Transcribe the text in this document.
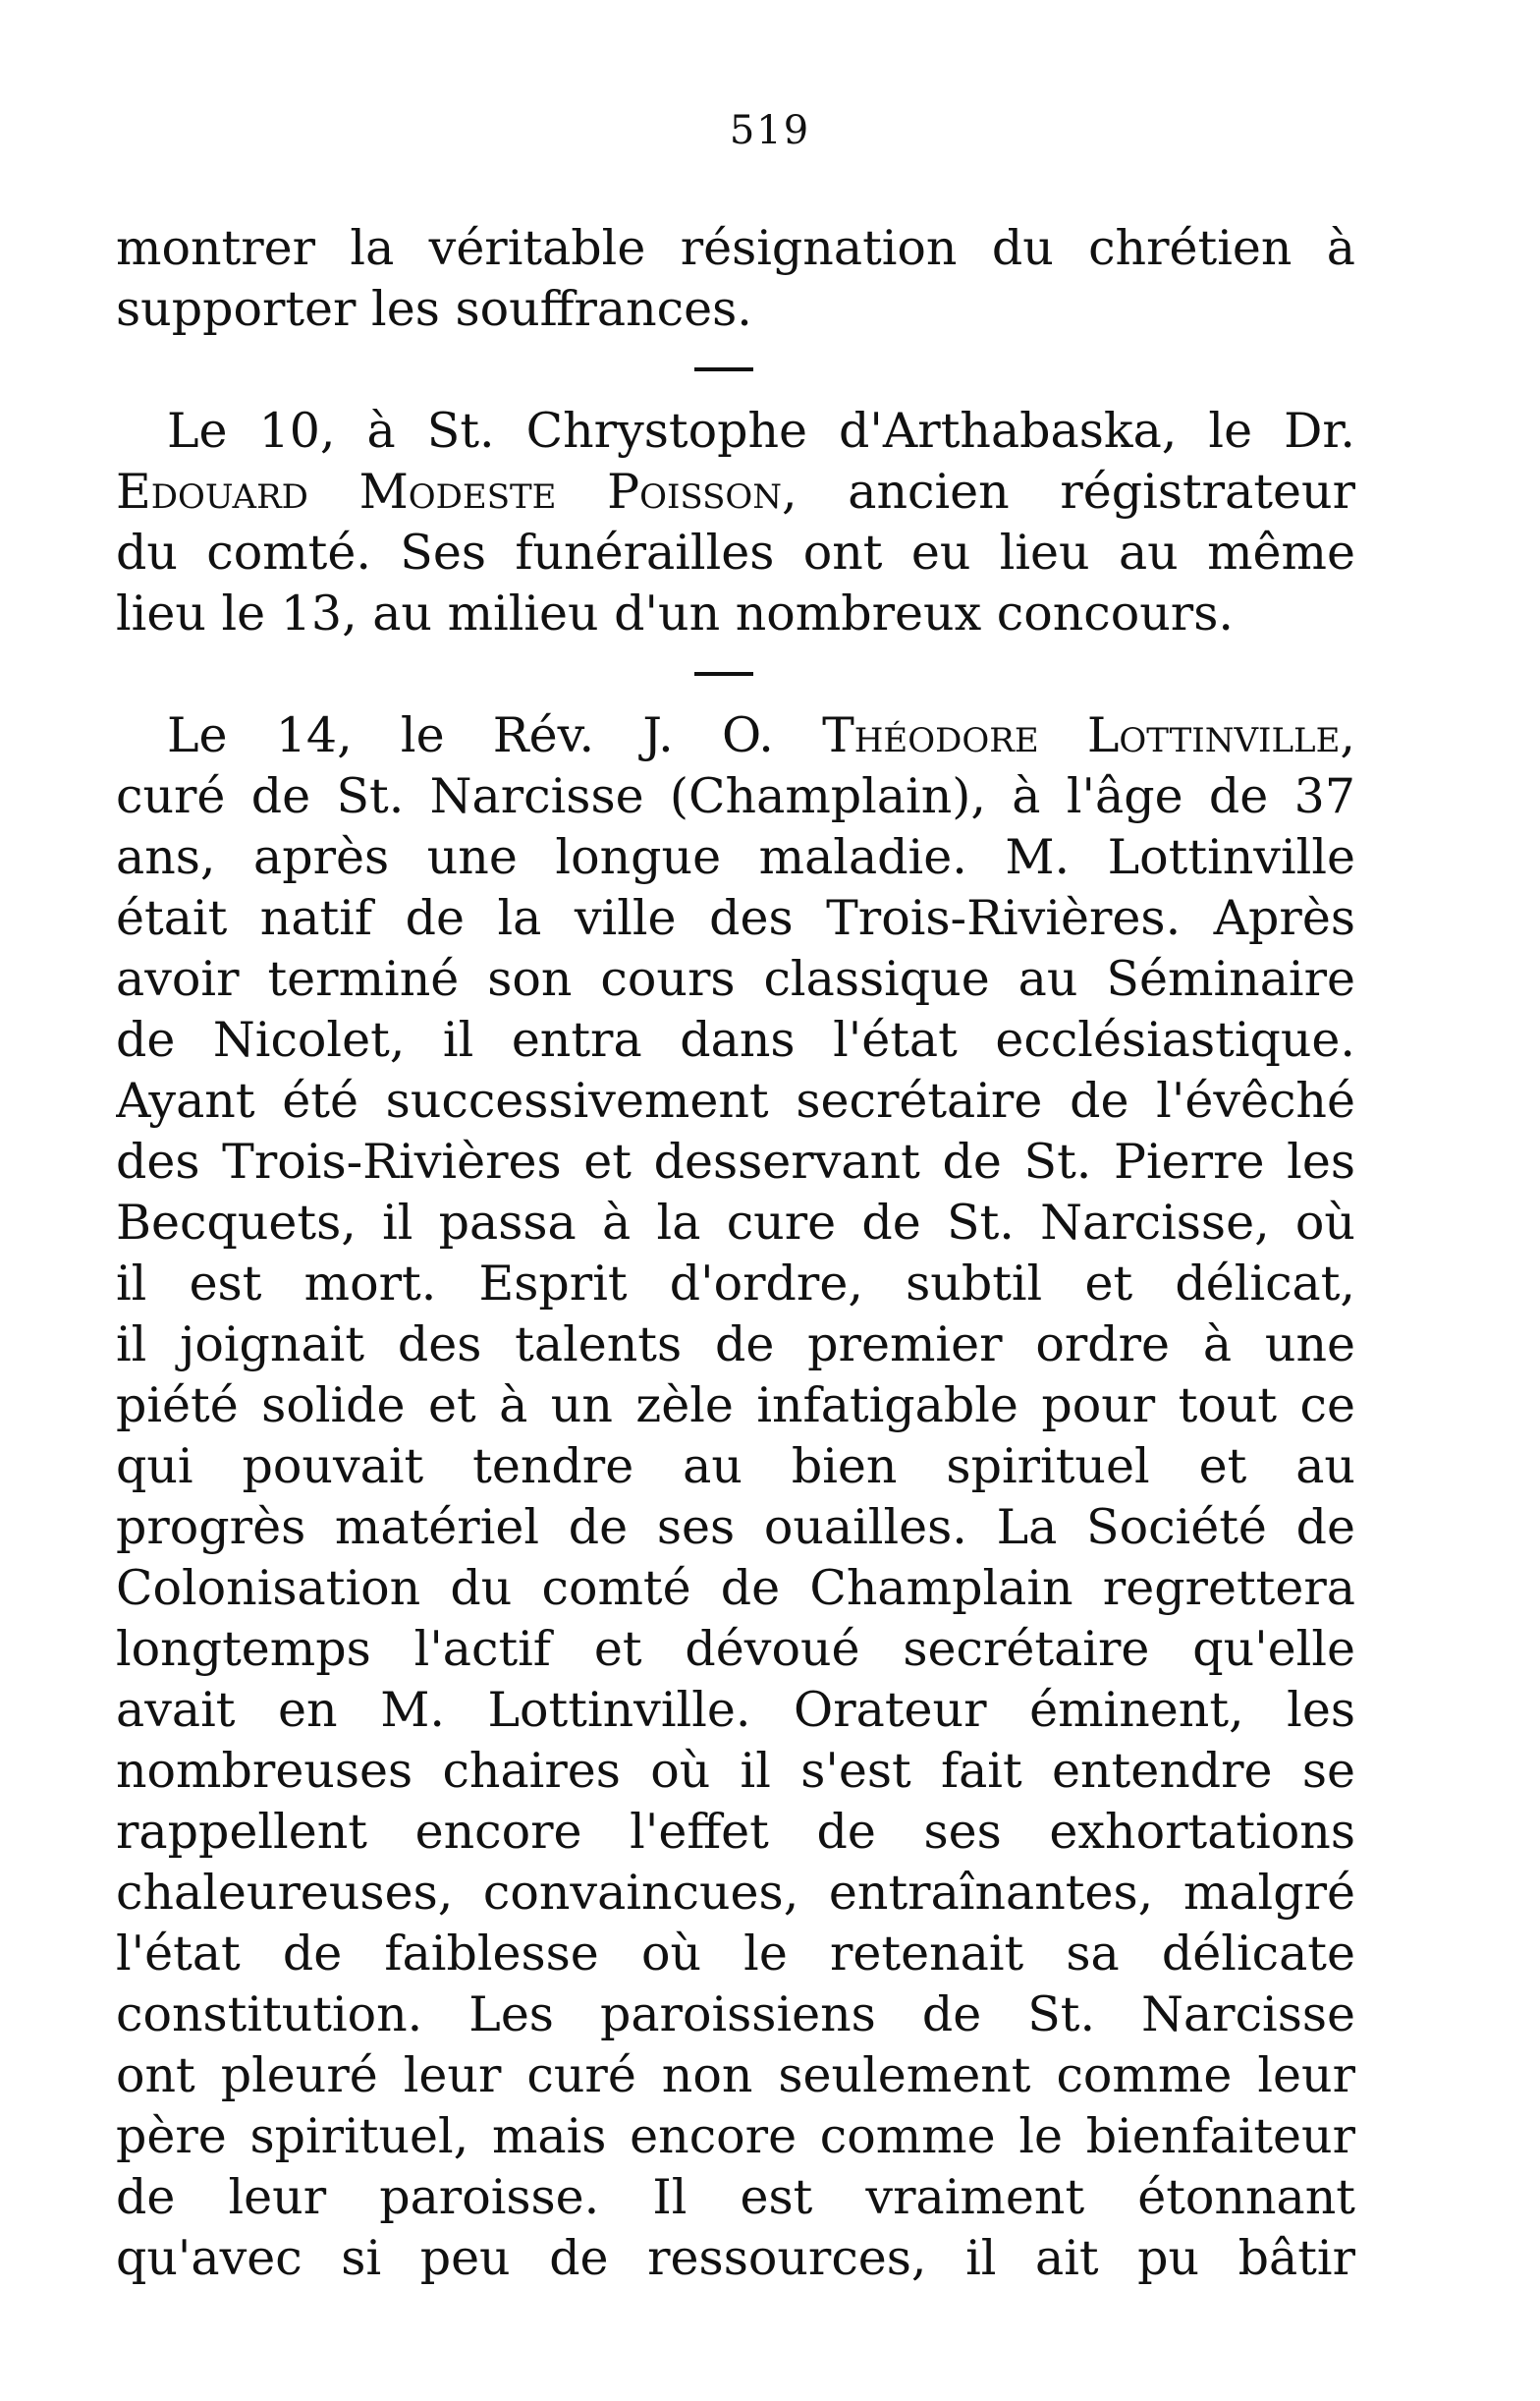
519
montrer la véritable résignation du chrétien à
supporter les souffrances.
Le 10, à St. Chrystophe d'Arthabaska, le Dr.
Edouard Modeste Poisson, ancien régistrateur
du comté. Ses funérailles ont eu lieu au même
lieu le 13, au milieu d'un nombreux concours.
Le 14, le Rév. J. O. Théodore Lottinville,
curé de St. Narcisse (Champlain), à l'âge de 37
ans, après une longue maladie. M. Lottinville
était natif de la ville des Trois-Rivières. Après
avoir terminé son cours classique au Séminaire
de Nicolet, il entra dans l'état ecclésiastique.
Ayant été successivement secrétaire de l'évêché
des Trois-Rivières et desservant de St. Pierre les
Becquets, il passa à la cure de St. Narcisse, où
il est mort. Esprit d'ordre, subtil et délicat,
il joignait des talents de premier ordre à une
piété solide et à un zèle infatigable pour tout ce
qui pouvait tendre au bien spirituel et au
progrès matériel de ses ouailles. La Société de
Colonisation du comté de Champlain regrettera
longtemps l'actif et dévoué secrétaire qu'elle
avait en M. Lottinville. Orateur éminent, les
nombreuses chaires où il s'est fait entendre se
rappellent encore l'effet de ses exhortations
chaleureuses, convaincues, entraînantes, malgré
l'état de faiblesse où le retenait sa délicate
constitution. Les paroissiens de St. Narcisse
ont pleuré leur curé non seulement comme leur
père spirituel, mais encore comme le bienfaiteur
de leur paroisse. Il est vraiment étonnant
qu'avec si peu de ressources, il ait pu bâtir
